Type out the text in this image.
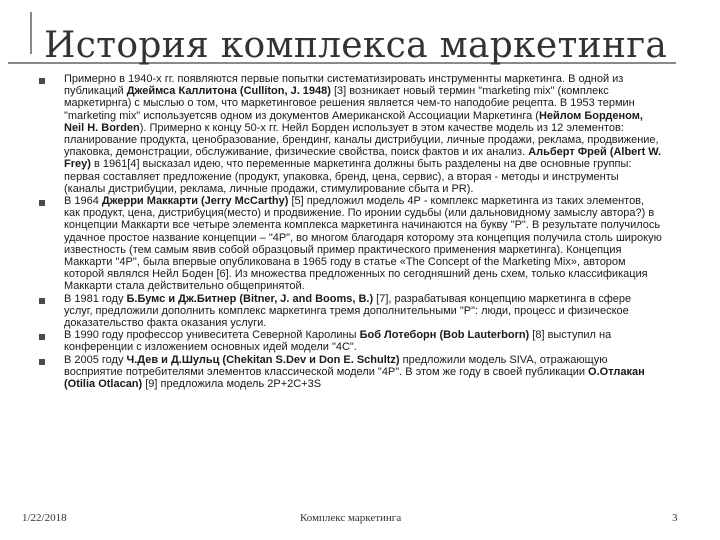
История комплекса маркетинга
Примерно в 1940-х гг. появляются первые попытки систематизировать инструменнты маркетинга. В одной из публикаций Джеймса Каллитона (Culliton, J. 1948) [3] возникает новый термин "marketing mix" (комплекс маркетирнга) с мыслью о том, что маркетинговое решения является чем-то наподобие рецепта. В 1953 термин "marketing mix" используетсяв одном из документов Американской Ассоциации Маркетинга (Нейлом Борденом, Neil H. Borden). Примерно к концу 50-х гг. Нейл Борден использует в этом качестве модель из 12 элементов: планирование продукта, ценобразование, брендинг, каналы дистрибуции, личные продажи, реклама, продвижение, упаковка, демонстрации, обслуживание, физические свойства, поиск фактов и их анализ. Альберт Фрей (Albert W. Frey) в 1961[4] высказал идею, что переменные маркетинга должны быть разделены на две основные группы: первая составляет предложение (продукт, упаковка, бренд, цена, сервис), а вторая - методы и инструменты (каналы дистрибуции, реклама, личные продажи, стимулирование сбыта и PR).
В 1964 Джерри Маккарти (Jerry McCarthy) [5] предложил модель 4Р - комплекс маркетинга из таких элементов, как продукт, цена, дистрибуция(место) и продвижение. По иронии судьбы (или дальновидному замыслу автора?) в концепции Маккарти все четыре элемента комплекса маркетинга начинаются на букву "Р". В результате получилось удачное простое название концепции – "4Р", во многом благодаря которому эта концепция получила столь широкую известность (тем самым явив собой образцовый пример практического применения маркетинга). Концепция Маккарти "4Р", была впервые опубликована в 1965 году в статье «The Concept of the Marketing Mix», автором которой являлся Нейл Боден [6]. Из множества предложенных по сегодняшний день схем, только классификация Маккарти стала действительно общепринятой.
В 1981 году Б.Бумс и Дж.Битнер (Bitner, J. and Booms, B.) [7], разрабатывая концепцию маркетинга в сфере услуг, предложили дополнить комплекс маркетинга тремя дополнительными "Р": люди, процесс и физическое доказательство факта оказания услуги.
В 1990 году профессор унивеситета Северной Каролины Боб Лотеборн (Bob Lauterborn) [8] выступил на конференции с изложением основных идей модели "4С".
В 2005 году Ч.Дев и Д.Шульц (Chekitan S.Dev и Don E. Schultz) предложили модель SIVA, отражающую восприятие потребителями элементов классической модели "4Р". В этом же году в своей публикации О.Отлакан (Otilia Otlacan) [9] предложила модель 2Р+2С+3S
1/22/2018	Комплекс маркетинга	3
